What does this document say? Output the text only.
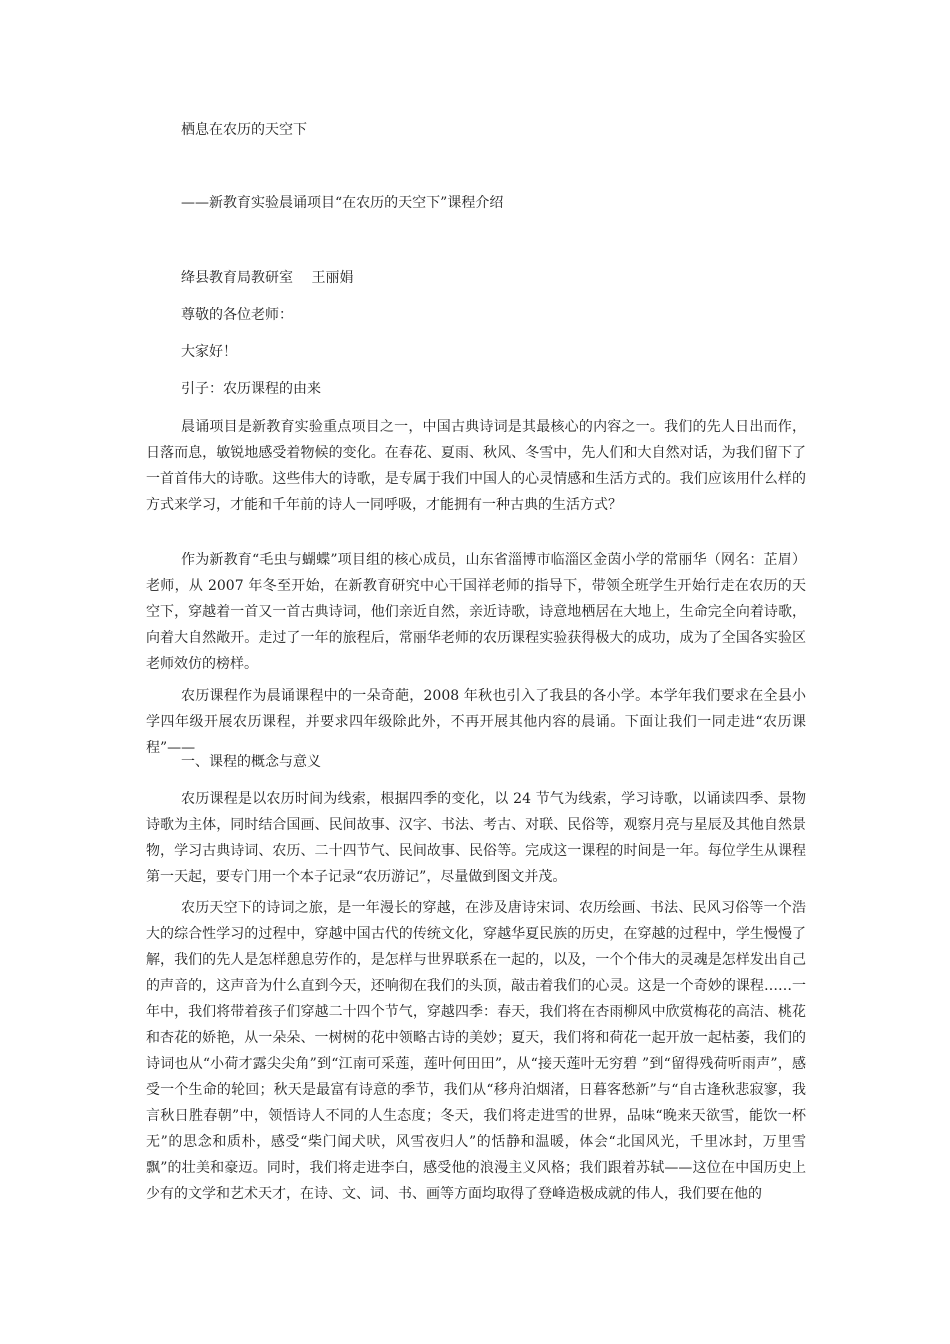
栖息在农历的天空下
——新教育实验晨诵项目“在农历的天空下”课程介绍
绛县教育局教研室　 王丽娟
尊敬的各位老师：
大家好！
引子：农历课程的由来

晨诵项目是新教育实验重点项目之一，中国古典诗词是其最核心的内容之一。我们的先人日出而作，日落而息，敏锐地感受着物候的变化。在春花、夏雨、秋风、冬雪中，先人们和大自然对话，为我们留下了一首首伟大的诗歌。这些伟大的诗歌，是专属于我们中国人的心灵情感和生活方式的。我们应该用什么样的方式来学习，才能和千年前的诗人一同呼吸，才能拥有一种古典的生活方式？

作为新教育“毛虫与蝴蝶”项目组的核心成员，山东省淄博市临淄区金茵小学的常丽华（网名：芷眉）老师，从 2007 年冬至开始，在新教育研究中心干国祥老师的指导下，带领全班学生开始行走在农历的天空下，穿越着一首又一首古典诗词，他们亲近自然，亲近诗歌，诗意地栖居在大地上，生命完全向着诗歌，向着大自然敞开。走过了一年的旅程后，常丽华老师的农历课程实验获得极大的成功，成为了全国各实验区老师效仿的榜样。

农历课程作为晨诵课程中的一朵奇葩，2008 年秋也引入了我县的各小学。本学年我们要求在全县小学四年级开展农历课程，并要求四年级除此外，不再开展其他内容的晨诵。下面让我们一同走进“农历课程”——

一、课程的概念与意义

农历课程是以农历时间为线索，根据四季的变化，以 24 节气为线索，学习诗歌，以诵读四季、景物诗歌为主体，同时结合国画、民间故事、汉字、书法、考古、对联、民俗等，观察月亮与星辰及其他自然景物，学习古典诗词、农历、二十四节气、民间故事、民俗等。完成这一课程的时间是一年。每位学生从课程第一天起，要专门用一个本子记录“农历游记”，尽量做到图文并茂。

农历天空下的诗词之旅，是一年漫长的穿越，在涉及唐诗宋词、农历绘画、书法、民风习俗等一个浩大的综合性学习的过程中，穿越中国古代的传统文化，穿越华夏民族的历史，在穿越的过程中，学生慢慢了解，我们的先人是怎样憩息劳作的，是怎样与世界联系在一起的，以及，一个个伟大的灵魂是怎样发出自己的声音的，这声音为什么直到今天，还响彻在我们的头顶，敲击着我们的心灵。这是一个奇妙的课程……一年中，我们将带着孩子们穿越二十四个节气，穿越四季：春天，我们将在杏雨柳风中欣赏梅花的高洁、桃花和杏花的娇艳，从一朵朵、一树树的花中领略古诗的美妙；夏天，我们将和荷花一起开放一起枯萎，我们的诗词也从“小荷才露尖尖角”到“江南可采莲，莲叶何田田”，从“接天莲叶无穷碧 ”到“留得残荷听雨声”，感受一个生命的轮回；秋天是最富有诗意的季节，我们从“移舟泊烟渚，日暮客愁新”与“自古逢秋悲寂寥，我言秋日胜春朝”中，领悟诗人不同的人生态度；冬天，我们将走进雪的世界，品味“晚来天欲雪，能饮一杯无”的思念和质朴，感受“柴门闻犬吠，风雪夜归人”的恬静和温暖，体会“北国风光，千里冰封，万里雪飘”的壮美和豪迈。同时，我们将走进李白，感受他的浪漫主义风格；我们跟着苏轼——这位在中国历史上少有的文学和艺术天才，在诗、文、词、书、画等方面均取得了登峰造极成就的伟人，我们要在他的
